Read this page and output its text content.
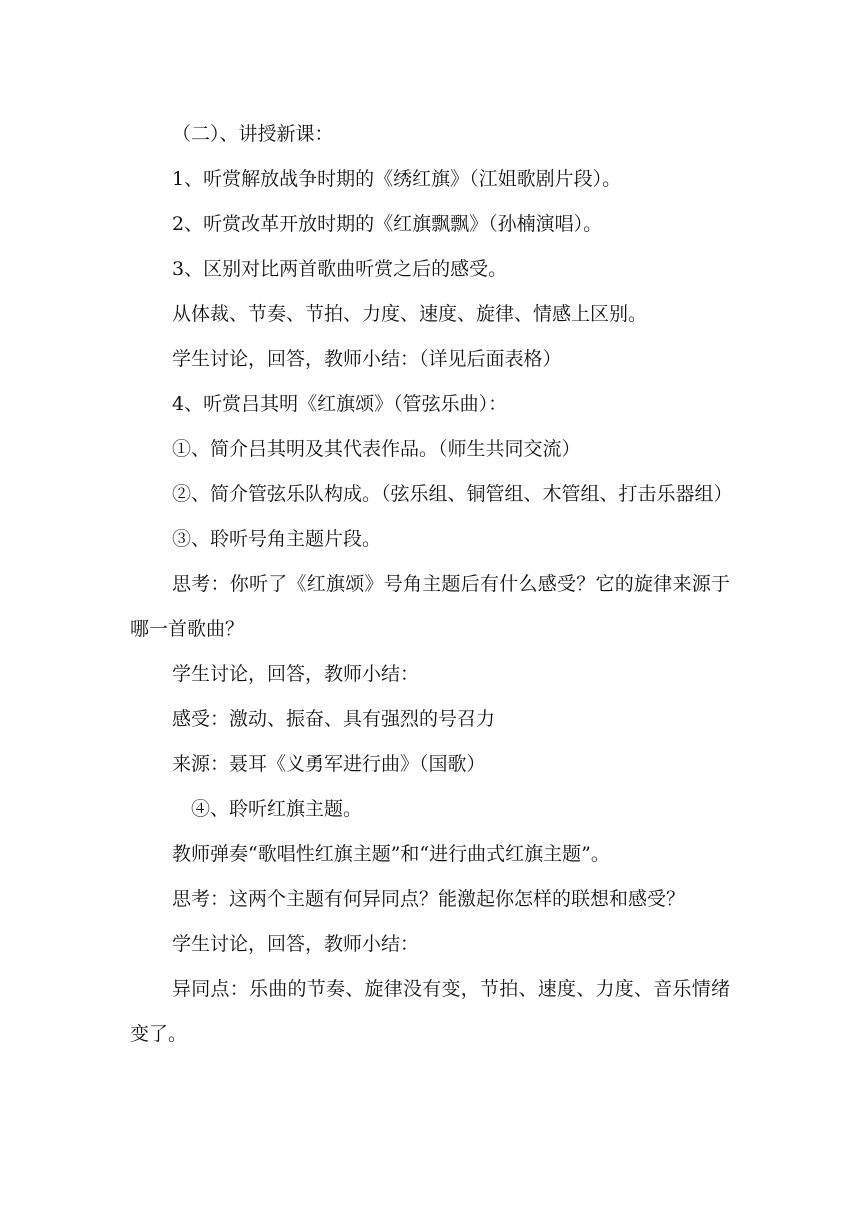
（二）、讲授新课：

1、听赏解放战争时期的《绣红旗》（江姐歌剧片段）。

2、听赏改革开放时期的《红旗飘飘》（孙楠演唱）。

3、区别对比两首歌曲听赏之后的感受。

从体裁、节奏、节拍、力度、速度、旋律、情感上区别。

学生讨论，回答，教师小结：（详见后面表格）

4、听赏吕其明《红旗颂》（管弦乐曲）：

①、简介吕其明及其代表作品。（师生共同交流）

②、简介管弦乐队构成。（弦乐组、铜管组、木管组、打击乐器组）

③、聆听号角主题片段。

思考：你听了《红旗颂》号角主题后有什么感受？它的旋律来源于哪一首歌曲？

学生讨论，回答，教师小结：

感受：激动、振奋、具有强烈的号召力

来源：聂耳《义勇军进行曲》（国歌）

④、聆听红旗主题。

教师弹奏“歌唱性红旗主题”和“进行曲式红旗主题”。

思考：这两个主题有何异同点？能激起你怎样的联想和感受？

学生讨论，回答，教师小结：

异同点：乐曲的节奏、旋律没有变，节拍、速度、力度、音乐情绪变了。
